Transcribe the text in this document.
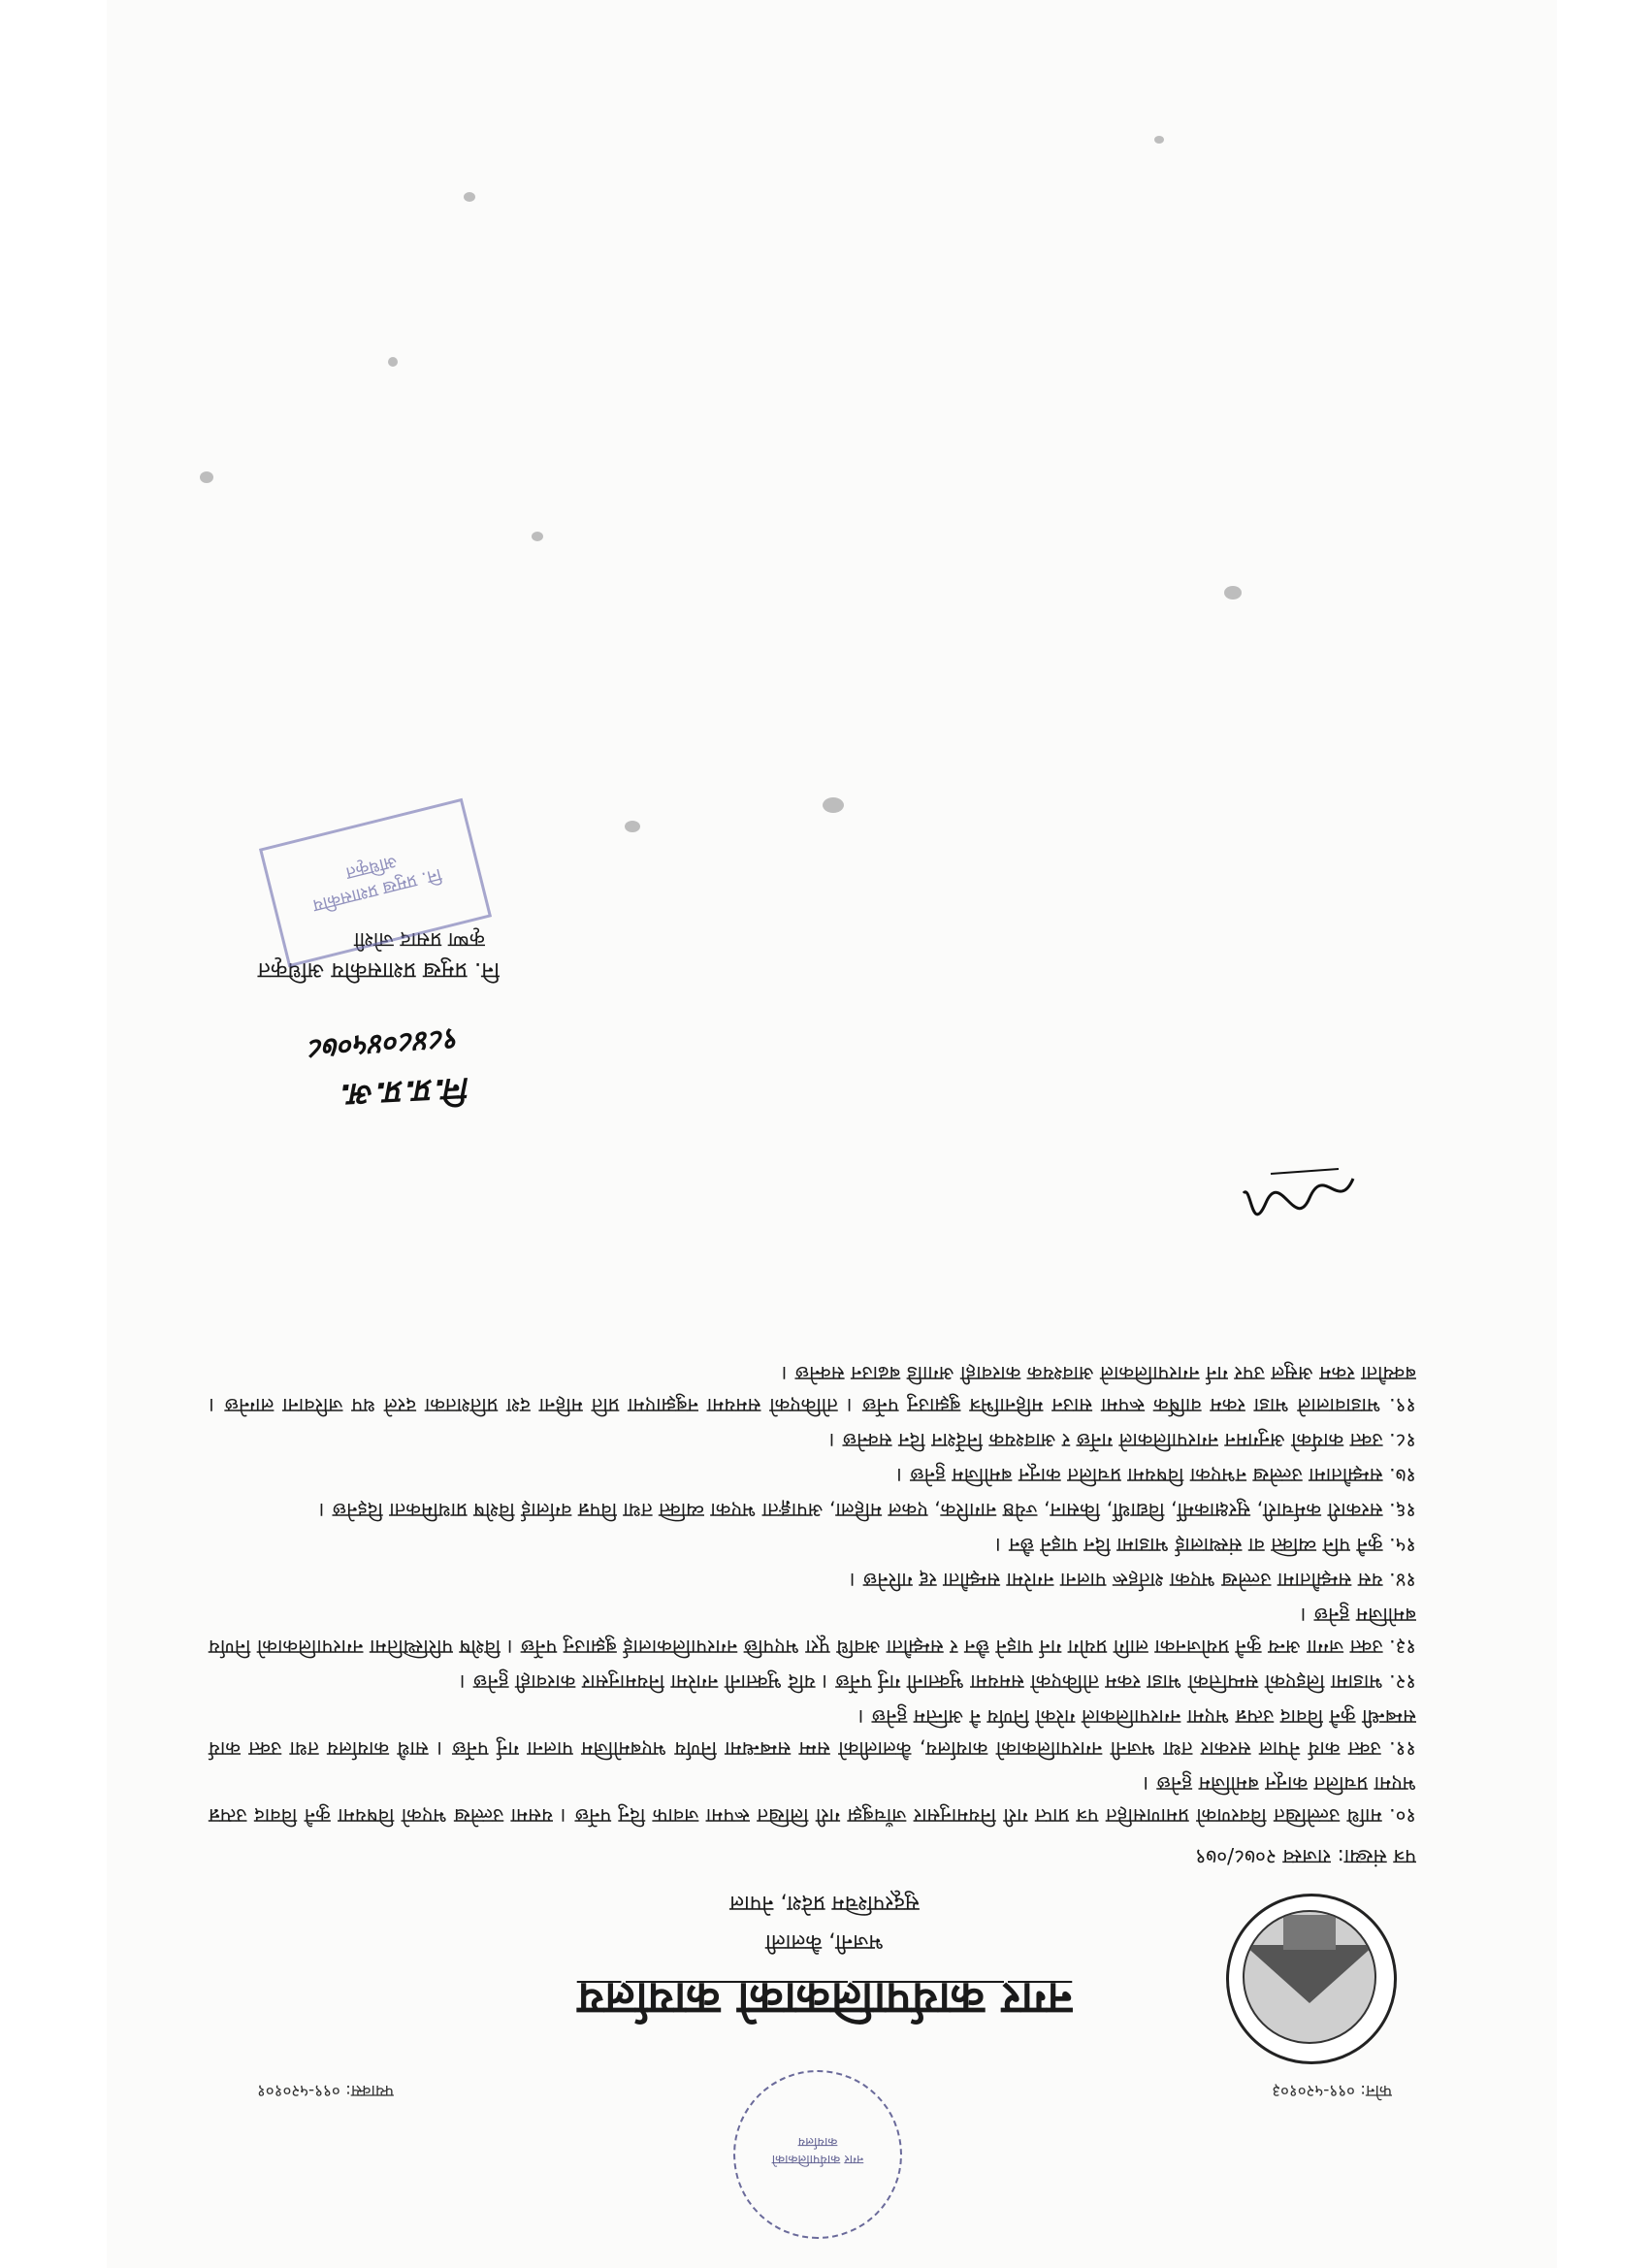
फोन: ०९९-५२०१०३
फ्याक्स: ०९९-५२०१०१
नगर कार्यपालिकाको कार्यालय
नगर कार्यपालिकाको कार्यालय
भजनी, कैलाली
सुदूरपश्चिम प्रदेश, नेपाल
पत्र संख्या: राजस्व २०७८/०७९

१०. माथि उल्लेखित विवरणको प्रमाणसहित पत्र प्राप्त गरी नियमानुसार जाँचबुझ गरी लिखित रूपमा जवाफ दिनु पर्नेछ । यसमा उल्लेख भएको विषयमा कुनै विवाद उत्पन्न भएमा प्रचलित कानून बमोजिम हुनेछ ।

११. उक्त कार्य नेपाल सरकार तथा भजनी नगरपालिकाको कार्यालय, कैलालीको सम्म सम्बन्धमा निर्णय भएबमोजिम पालना गर्नु पर्नेछ । साथै कार्यालय तथा उक्त कार्य सम्बन्धी कुनै विवाद उत्पन्न भएमा नगरपालिकाले गरेको निर्णय नै अन्तिम हुनेछ ।

१२. भाडामा लिइएको सम्पत्तिको भाडा रकम तोकिएको समयमा भुक्तानी गर्नु पर्नेछ । यदि भुक्तानी नगरेमा नियमानुसार कारवाही हुनेछ ।

१३. उक्त जग्गा अन्य कुनै प्रयोजनका लागि प्रयोग गर्न पाइने छैन र सम्झौता अवधि पूरा भएपछि नगरपालिकालाई बुझाउनु पर्नेछ । विशेष परिस्थितिमा नगरपालिकाको निर्णय बमोजिम हुनेछ ।

१४. यस सम्झौतामा उल्लेख भएका शर्तहरू पालना नगरेमा सम्झौता रद्द गरिनेछ ।

१५. कुनै पनि व्यक्ति वा संस्थालाई भाडामा दिन पाइने छैन ।

१६. सरकारी कर्मचारी, सुरक्षाकर्मी, विद्यार्थी, किसान, ज्येष्ठ नागरिक, एकल महिला, अपाङ्गता भएका व्यक्ति तथा विपन्न वर्गलाई विशेष प्राथमिकता दिइनेछ ।

१७. सम्झौतामा उल्लेख नभएका विषयमा प्रचलित कानून बमोजिम हुनेछ ।

१८. उक्त कार्यको अनुगमन नगरपालिकाले गर्नेछ र आवश्यक निर्देशन दिन सक्नेछ ।

१९. भाडावालाले भाडा रकम वार्षिक रूपमा साउन महिनाभित्र बुझाउनु पर्नेछ । तोकिएको समयमा नबुझाएमा प्रति महिना दश प्रतिशतका दरले थप जरिवाना लाग्नेछ । बक्यौता रकम असुल उपर गर्न नगरपालिकाले आवश्यक कारवाही अगाडि बढाउन सक्नेछ ।

नि.प्र.प्र.अ.
९८४८०४५०७८
नि. प्रमुख प्रशासकीय अधिकृत
कृष्ण प्रसाद जोशी
नि. प्रमुख प्रशासकीय अधिकृत
